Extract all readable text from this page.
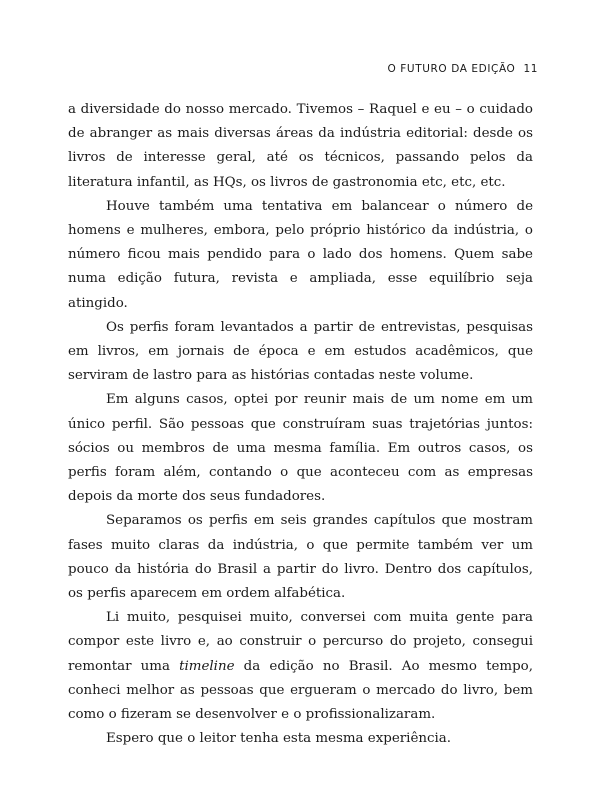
O FUTURO DA EDIÇÃO 11

a diversidade do nosso mercado. Tivemos – Raquel e eu – o cuidado de abranger as mais diversas áreas da indústria editorial: desde os livros de interesse geral, até os técnicos, passando pelos da literatura infantil, as HQs, os livros de gastronomia etc, etc, etc.

Houve também uma tentativa em balancear o número de homens e mulheres, embora, pelo próprio histórico da indústria, o número ficou mais pendido para o lado dos homens. Quem sabe numa edição futura, revista e ampliada, esse equilíbrio seja atingido.

Os perfis foram levantados a partir de entrevistas, pesquisas em livros, em jornais de época e em estudos acadêmicos, que serviram de lastro para as histórias contadas neste volume.

Em alguns casos, optei por reunir mais de um nome em um único perfil. São pessoas que construíram suas trajetórias juntos: sócios ou membros de uma mesma família. Em outros casos, os perfis foram além, contando o que aconteceu com as empresas depois da morte dos seus fundadores.

Separamos os perfis em seis grandes capítulos que mostram fases muito claras da indústria, o que permite também ver um pouco da história do Brasil a partir do livro. Dentro dos capítulos, os perfis aparecem em ordem alfabética.

Li muito, pesquisei muito, conversei com muita gente para compor este livro e, ao construir o percurso do projeto, consegui remontar uma timeline da edição no Brasil. Ao mesmo tempo, conheci melhor as pessoas que ergueram o mercado do livro, bem como o fizeram se desenvolver e o profissionalizaram.

Espero que o leitor tenha esta mesma experiência.
